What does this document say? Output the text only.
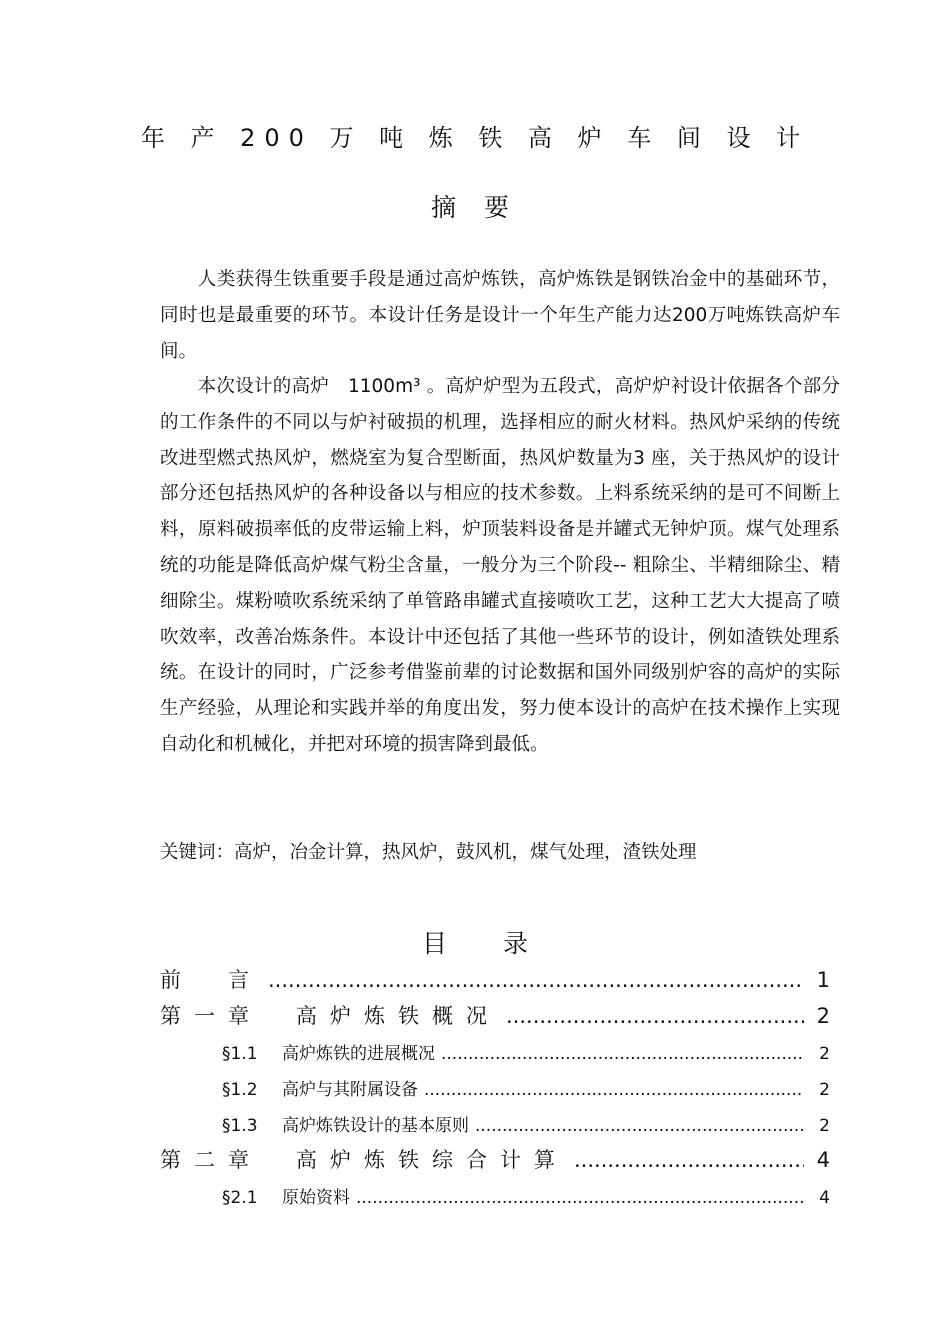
年 产 200 万 吨 炼 铁 高 炉 车 间 设 计
摘 要

　　人类获得生铁重要手段是通过高炉炼铁，高炉炼铁是钢铁冶金中的基础环节，同时也是最重要的环节。本设计任务是设计一个年生产能力达200万吨炼铁高炉车间。

　　本次设计的高炉　1100m³ 。高炉炉型为五段式，高炉炉衬设计依据各个部分的工作条件的不同以与炉衬破损的机理，选择相应的耐火材料。热风炉采纳的传统改进型燃式热风炉，燃烧室为复合型断面，热风炉数量为3 座，关于热风炉的设计部分还包括热风炉的各种设备以与相应的技术参数。上料系统采纳的是可不间断上料，原料破损率低的皮带运输上料，炉顶装料设备是并罐式无钟炉顶。煤气处理系统的功能是降低高炉煤气粉尘含量，一般分为三个阶段-- 粗除尘、半精细除尘、精细除尘。煤粉喷吹系统采纳了单管路串罐式直接喷吹工艺，这种工艺大大提高了喷吹效率，改善冶炼条件。本设计中还包括了其他一些环节的设计，例如渣铁处理系统。在设计的同时，广泛参考借鉴前辈的讨论数据和国外同级别炉容的高炉的实际生产经验，从理论和实践并举的角度出发，努力使本设计的高炉在技术操作上实现自动化和机械化，并把对环境的损害降到最低。

关键词：高炉，冶金计算，热风炉，鼓风机，煤气处理，渣铁处理
目 录
前　言 .....	1
第一章　高炉炼铁概况 .....	2
§1.1	高炉炼铁的进展概况 .....	2
§1.2	高炉与其附属设备 .....	2
§1.3	高炉炼铁设计的基本原则 .....	2
第二章　高炉炼铁综合计算 .....	4
§2.1	原始资料 .....	4
